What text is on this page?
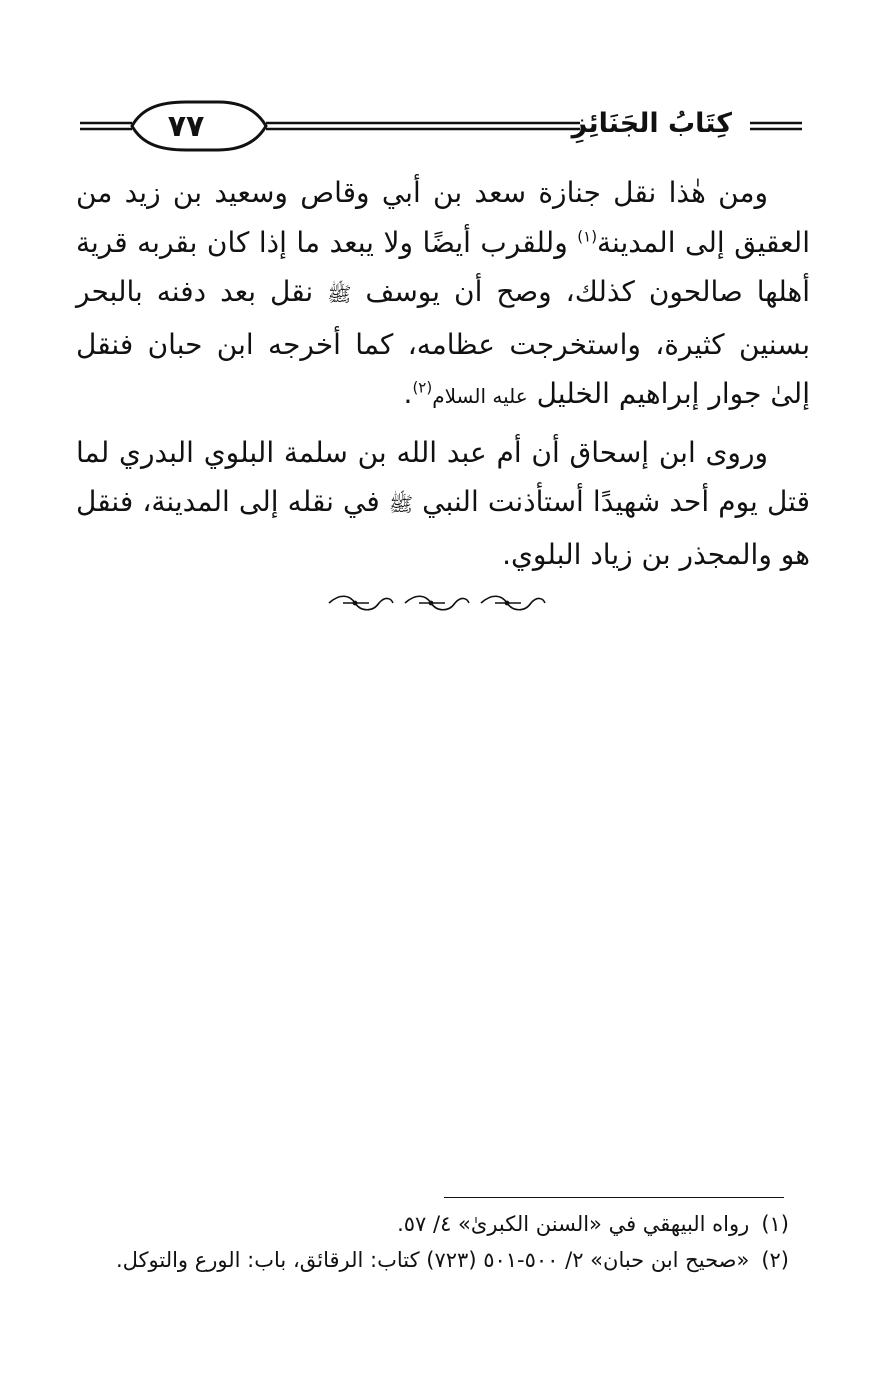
٧٧	كِتَابُ الجَنَائِزِ

ومن هٰذا نقل جنازة سعد بن أبي وقاص وسعيد بن زيد من العقيق إلى المدينة$^{(١)}$ وللقرب أيضًا ولا يبعد ما إذا كان بقربه قرية أهلها صالحون كذلك، وصح أن يوسف ﷺ نقل بعد دفنه بالبحر بسنين كثيرة، واستخرجت عظامه، كما أخرجه ابن حبان فنقل إلىٰ جوار إبراهيم الخليل عليه السلام$^{(٢)}$.

وروى ابن إسحاق أن أم عبد الله بن سلمة البلوي البدري لما قتل يوم أحد شهيدًا أستأذنت النبي ﷺ في نقله إلى المدينة، فنقل هو والمجذر بن زياد البلوي.

(١)رواه البيهقي في «السنن الكبرىٰ» ٤/ ٥٧.
(٢)«صحيح ابن حبان» ٢/ ٥٠٠-٥٠١ (٧٢٣) كتاب: الرقائق، باب: الورع والتوكل.
